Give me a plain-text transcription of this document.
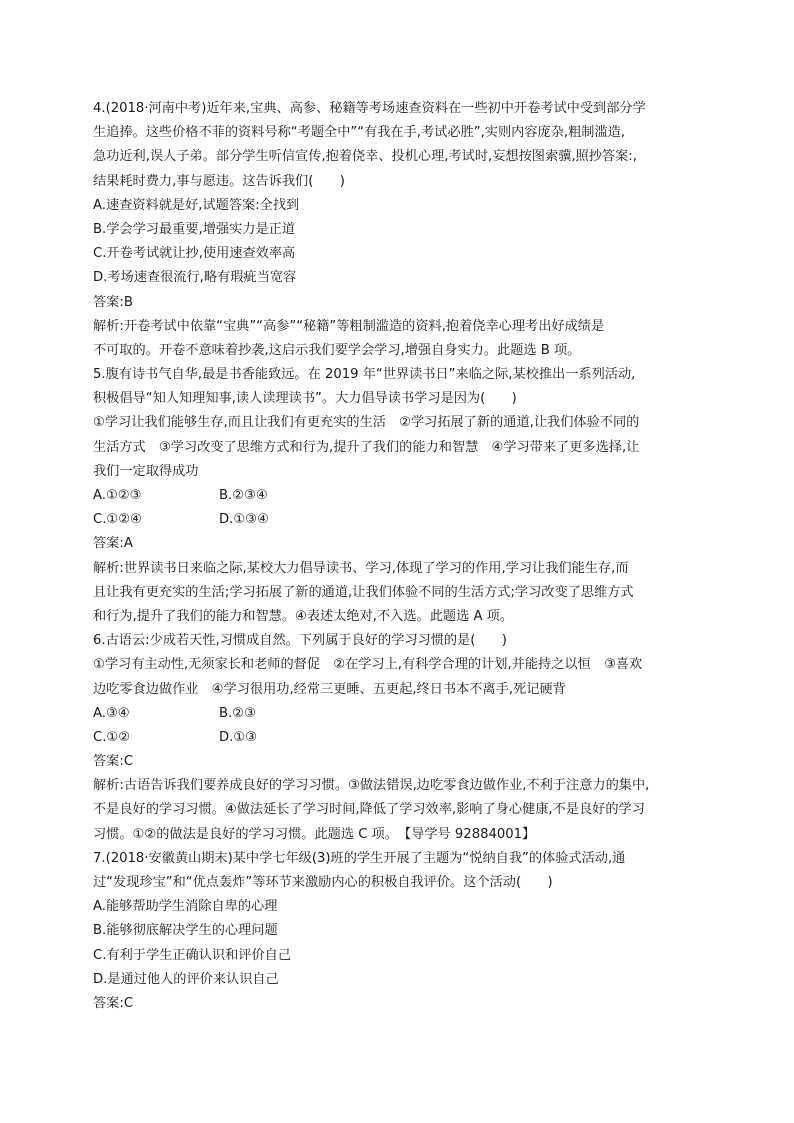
4.(2018·河南中考)近年来,宝典、高参、秘籍等考场速查资料在一些初中开卷考试中受到部分学
生追捧。这些价格不菲的资料号称“考题全中”“有我在手,考试必胜”,实则内容庞杂,粗制滥造,
急功近利,误人子弟。部分学生听信宣传,抱着侥幸、投机心理,考试时,妄想按图索骥,照抄答案:,
结果耗时费力,事与愿违。这告诉我们(　　)
A.速查资料就是好,试题答案:全找到
B.学会学习最重要,增强实力是正道
C.开卷考试就让抄,使用速查效率高
D.考场速查很流行,略有瑕疵当宽容
答案:B
解析:开卷考试中依靠“宝典”“高参”“秘籍”等粗制滥造的资料,抱着侥幸心理考出好成绩是
不可取的。开卷不意味着抄袭,这启示我们要学会学习,增强自身实力。此题选 B 项。
5.腹有诗书气自华,最是书香能致远。在 2019 年“世界读书日”来临之际,某校推出一系列活动,
积极倡导“知人知理知事,读人读理读书”。大力倡导读书学习是因为(　　)
①学习让我们能够生存,而且让我们有更充实的生活　②学习拓展了新的通道,让我们体验不同的
生活方式　③学习改变了思维方式和行为,提升了我们的能力和智慧　④学习带来了更多选择,让
我们一定取得成功
A.①②③	B.②③④
C.①②④	D.①③④
答案:A
解析:世界读书日来临之际,某校大力倡导读书、学习,体现了学习的作用,学习让我们能生存,而
且让我有更充实的生活;学习拓展了新的通道,让我们体验不同的生活方式;学习改变了思维方式
和行为,提升了我们的能力和智慧。④表述太绝对,不入选。此题选 A 项。
6.古语云:少成若天性,习惯成自然。下列属于良好的学习习惯的是(　　)
①学习有主动性,无须家长和老师的督促　②在学习上,有科学合理的计划,并能持之以恒　③喜欢
边吃零食边做作业　④学习很用功,经常三更睡、五更起,终日书本不离手,死记硬背
A.③④	B.②③
C.①②	D.①③
答案:C
解析:古语告诉我们要养成良好的学习习惯。③做法错误,边吃零食边做作业,不利于注意力的集中,
不是良好的学习习惯。④做法延长了学习时间,降低了学习效率,影响了身心健康,不是良好的学习
习惯。①②的做法是良好的学习习惯。此题选 C 项。　【导学号 92884001】
7.(2018·安徽黄山期末)某中学七年级(3)班的学生开展了主题为“悦纳自我”的体验式活动,通
过“发现珍宝”和“优点轰炸”等环节来激励内心的积极自我评价。这个活动(　　)
A.能够帮助学生消除自卑的心理
B.能够彻底解决学生的心理问题
C.有利于学生正确认识和评价自己
D.是通过他人的评价来认识自己
答案:C
